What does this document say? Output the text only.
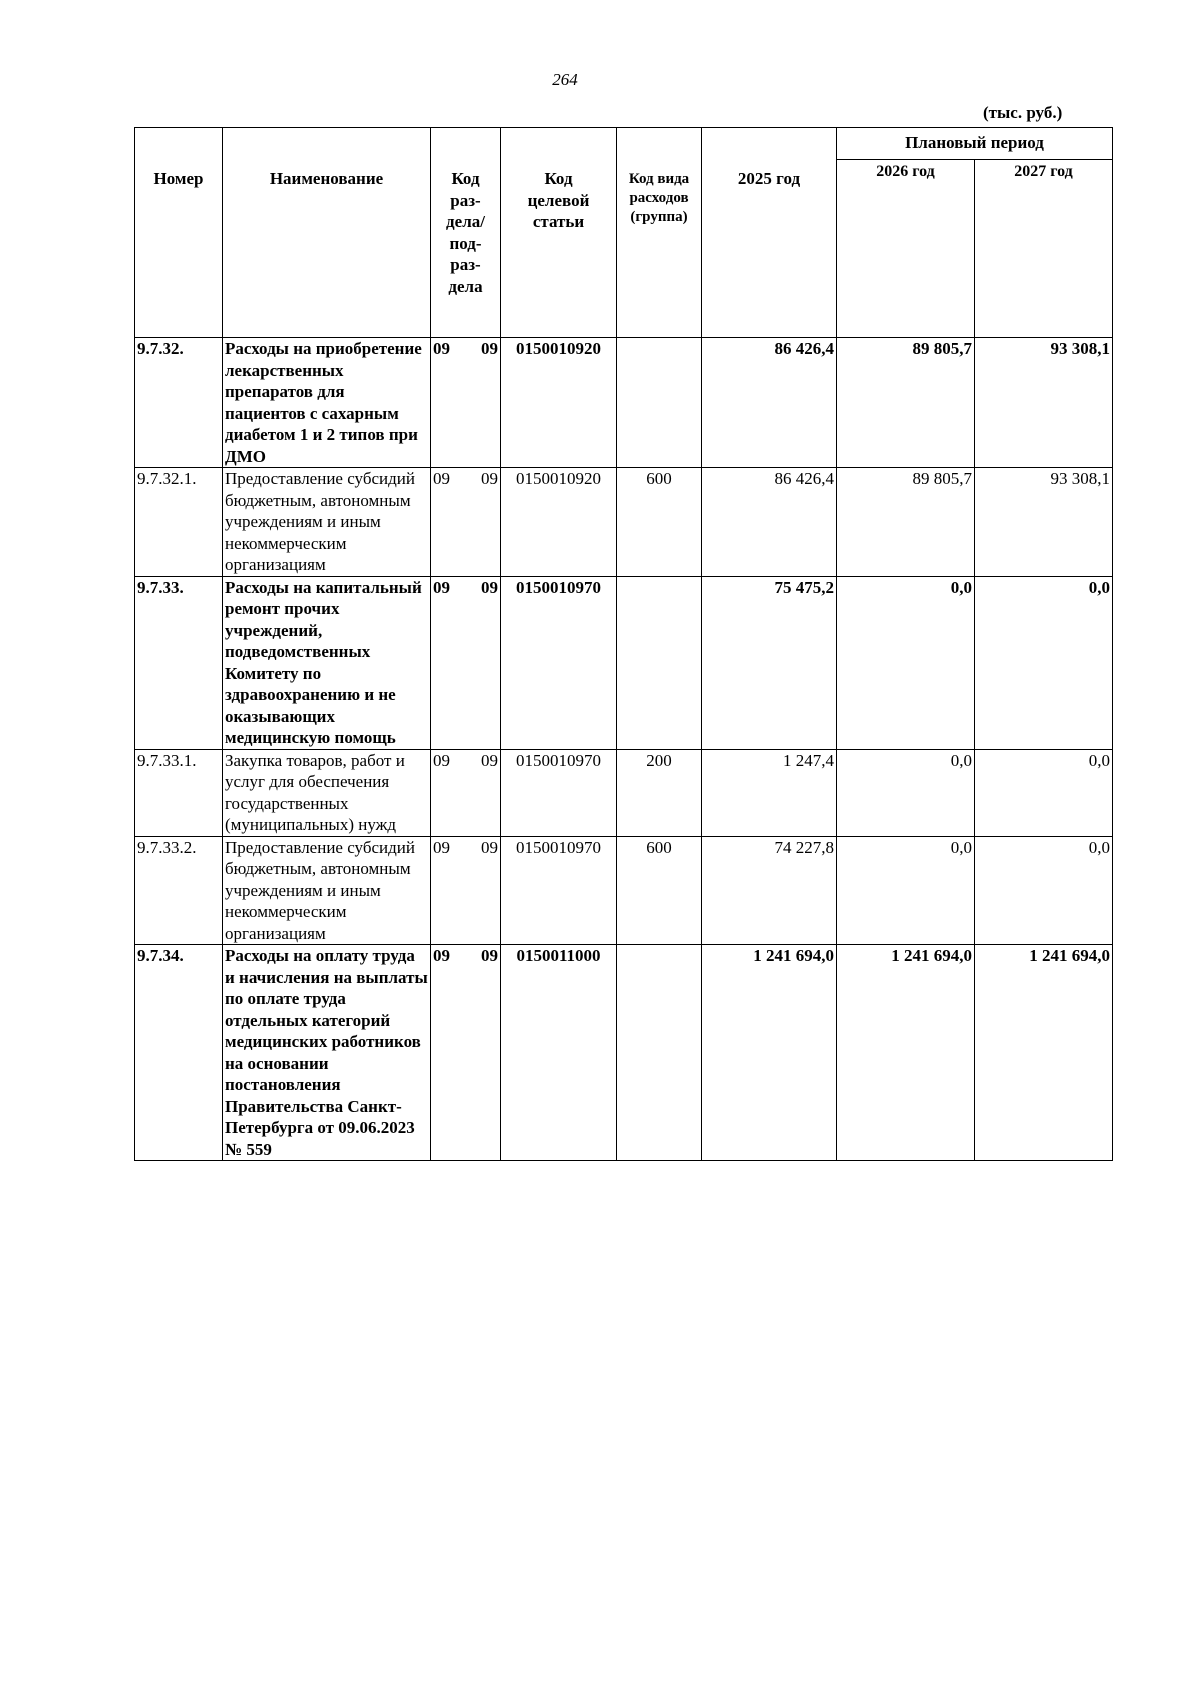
264
(тыс. руб.)
Номер	Наименование	Код раз-дела/ под-раз-дела	Код целевой статьи	Код вида расходов (группа)	2025 год	Плановый период	
						2026 год	2027 год
9.7.32.	Расходы на приобретение лекарственных препаратов для пациентов с сахарным диабетом 1 и 2 типов при ДМО	09 09	0150010920		86 426,4	89 805,7	93 308,1
9.7.32.1.	Предоставление субсидий бюджетным, автономным учреждениям и иным некоммерческим организациям	09 09	0150010920	600	86 426,4	89 805,7	93 308,1
9.7.33.	Расходы на капитальный ремонт прочих учреждений, подведомственных Комитету по здравоохранению и не оказывающих медицинскую помощь	09 09	0150010970		75 475,2	0,0	0,0
9.7.33.1.	Закупка товаров, работ и услуг для обеспечения государственных (муниципальных) нужд	09 09	0150010970	200	1 247,4	0,0	0,0
9.7.33.2.	Предоставление субсидий бюджетным, автономным учреждениям и иным некоммерческим организациям	09 09	0150010970	600	74 227,8	0,0	0,0
9.7.34.	Расходы на оплату труда и начисления на выплаты по оплате труда отдельных категорий медицинских работников на основании постановления Правительства Санкт-Петербурга от 09.06.2023 № 559	09 09	0150011000		1 241 694,0	1 241 694,0	1 241 694,0
